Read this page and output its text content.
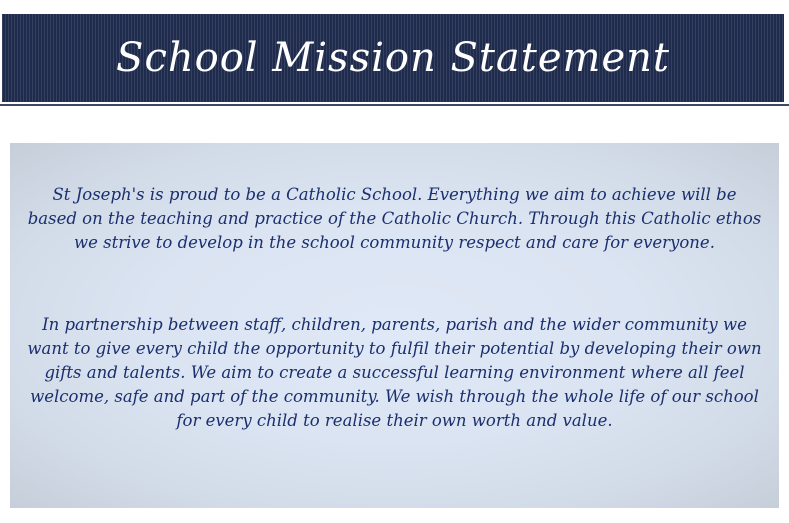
School Mission Statement

St Joseph's is proud to be a Catholic School. Everything we aim to achieve will be based on the teaching and practice of the Catholic Church. Through this Catholic ethos we strive to develop in the school community respect and care for everyone.

In partnership between staff, children, parents, parish and the wider community we want to give every child the opportunity to fulfil their potential by developing their own gifts and talents. We aim to create a successful learning environment where all feel welcome, safe and part of the community. We wish through the whole life of our school for every child to realise their own worth and value.
